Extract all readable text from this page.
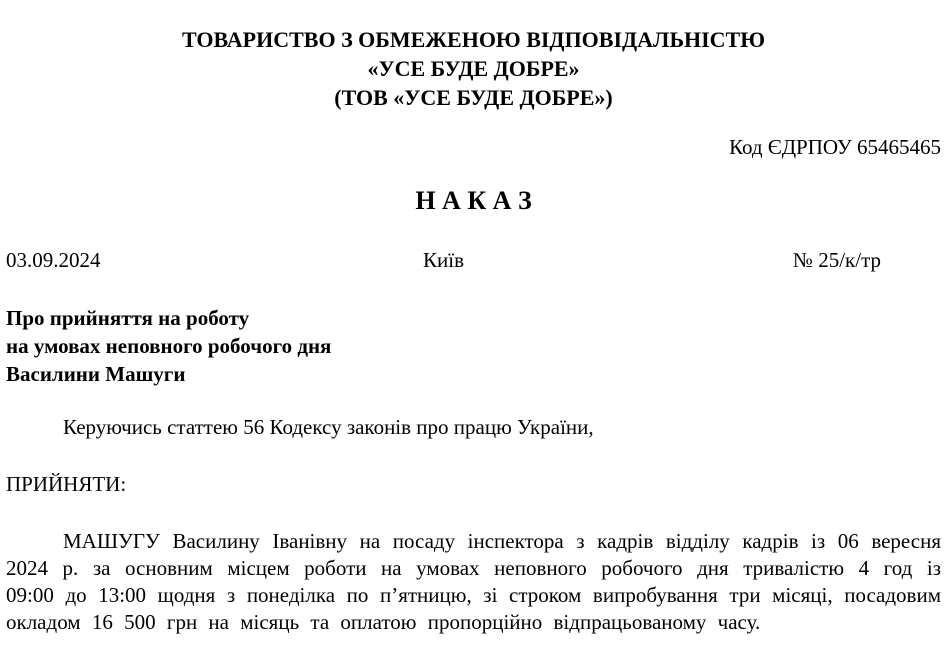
ТОВАРИСТВО З ОБМЕЖЕНОЮ ВІДПОВІДАЛЬНІСТЮ
«УСЕ БУДЕ ДОБРЕ»
(ТОВ «УСЕ БУДЕ ДОБРЕ»)
Код ЄДРПОУ 65465465
Н А К А З
03.09.2024	Київ	№ 25/к/тр
Про прийняття на роботу
на умовах неповного робочого дня
Василини Машуги

Керуючись статтею 56 Кодексу законів про працю України,

ПРИЙНЯТИ:

МАШУГУ Василину Іванівну на посаду інспектора з кадрів відділу кадрів із 06 вересня 2024 р. за основним місцем роботи на умовах неповного робочого дня тривалістю 4 год із 09:00 до 13:00 щодня з понеділка по п’ятницю, зі строком випробування три місяці, посадовим окладом 16 500 грн на місяць та оплатою пропорційно відпрацьованому часу.
